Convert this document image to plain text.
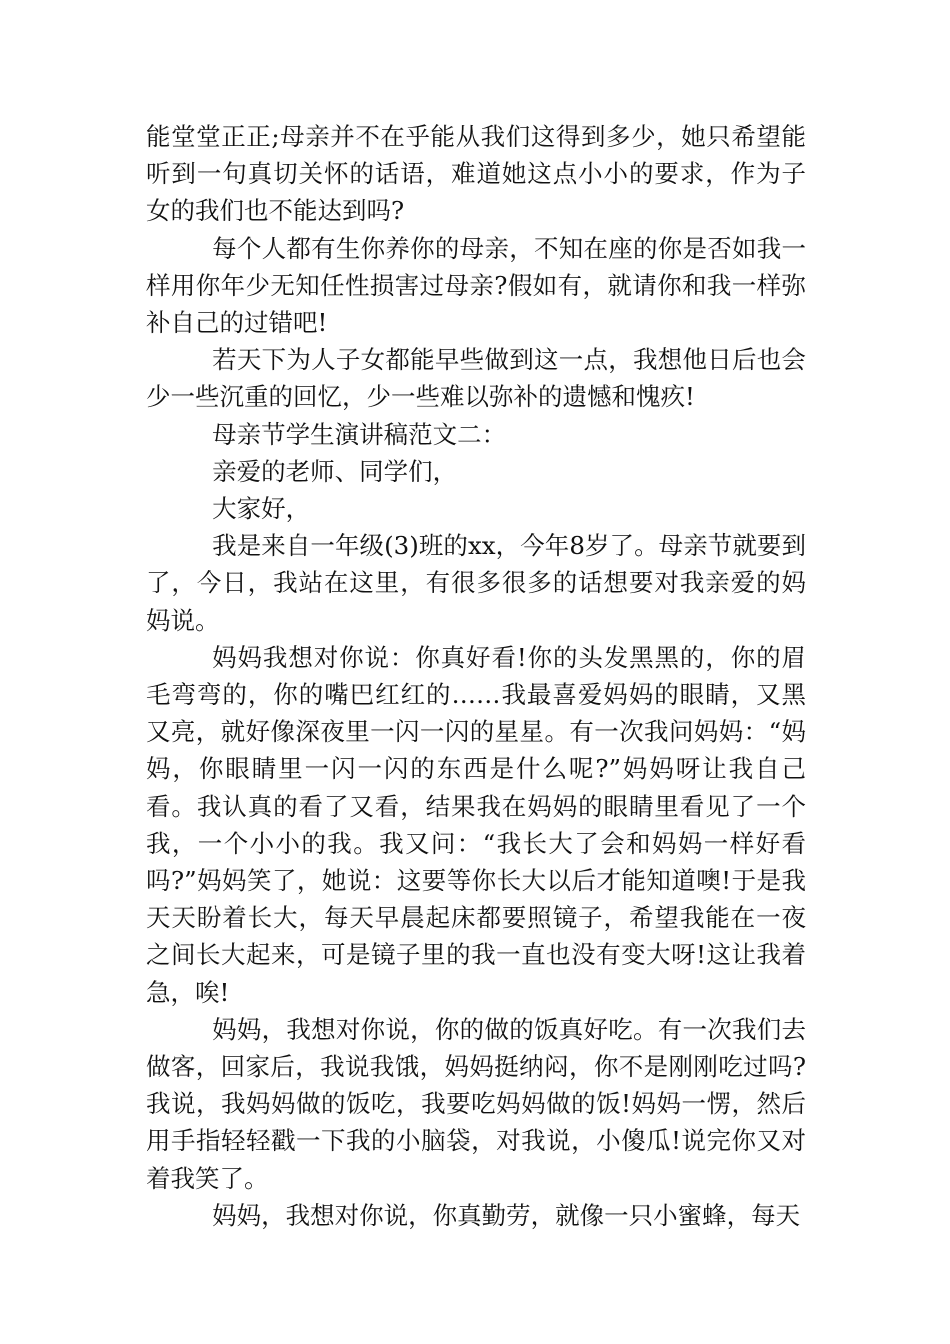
能堂堂正正;母亲并不在乎能从我们这得到多少，她只希望能听到一句真切关怀的话语，难道她这点小小的要求，作为子女的我们也不能达到吗?

每个人都有生你养你的母亲，不知在座的你是否如我一样用你年少无知任性损害过母亲?假如有，就请你和我一样弥补自己的过错吧!

若天下为人子女都能早些做到这一点，我想他日后也会少一些沉重的回忆，少一些难以弥补的遗憾和愧疚!

母亲节学生演讲稿范文二：

亲爱的老师、同学们，

大家好，

我是来自一年级(3)班的xx，今年8岁了。母亲节就要到了，今日，我站在这里，有很多很多的话想要对我亲爱的妈妈说。

妈妈我想对你说：你真好看!你的头发黑黑的，你的眉毛弯弯的，你的嘴巴红红的……我最喜爱妈妈的眼睛，又黑又亮，就好像深夜里一闪一闪的星星。有一次我问妈妈：“妈妈，你眼睛里一闪一闪的东西是什么呢?”妈妈呀让我自己看。我认真的看了又看，结果我在妈妈的眼睛里看见了一个我，一个小小的我。我又问：“我长大了会和妈妈一样好看吗?”妈妈笑了，她说：这要等你长大以后才能知道噢!于是我天天盼着长大，每天早晨起床都要照镜子，希望我能在一夜之间长大起来，可是镜子里的我一直也没有变大呀!这让我着急，唉!

妈妈，我想对你说，你的做的饭真好吃。有一次我们去做客，回家后，我说我饿，妈妈挺纳闷，你不是刚刚吃过吗?我说，我妈妈做的饭吃，我要吃妈妈做的饭!妈妈一愣，然后用手指轻轻戳一下我的小脑袋，对我说，小傻瓜!说完你又对着我笑了。

妈妈，我想对你说，你真勤劳，就像一只小蜜蜂，每天
